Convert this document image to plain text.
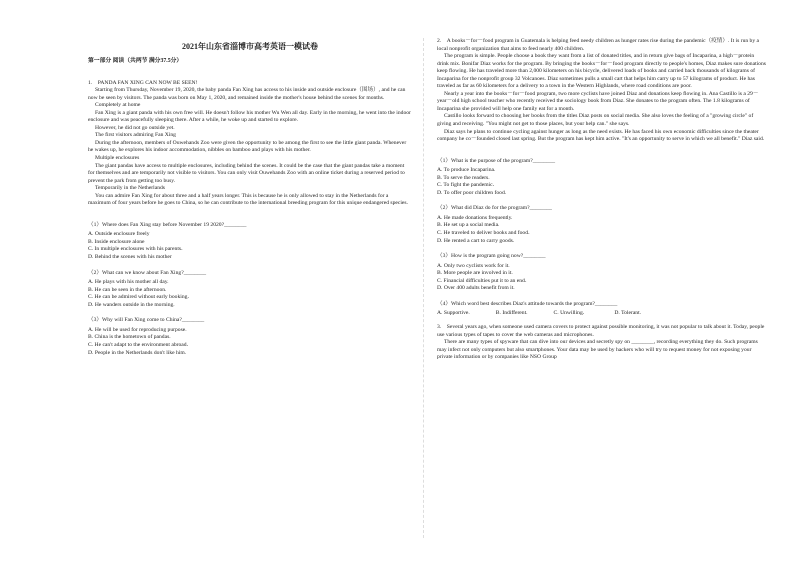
2021年山东省淄博市高考英语一模试卷
第一部分 阅读（共两节 满分37.5分）

1. PANDA FAN XING CAN NOW BE SEEN!

Starting from Thursday, November 19, 2020, the baby panda Fan Xing has access to his inside and outside enclosure（围场）, and he can now be seen by visitors. The panda was born on May 1, 2020, and remained inside the mother's house behind the scenes for months.

Completely at home

Fan Xing is a giant panda with his own free will. He doesn't follow his mother Wu Wen all day. Early in the morning, he went into the indoor enclosure and was peacefully sleeping there. After a while, he woke up and started to explore.

However, he did not go outside yet.

The first visitors admiring Fan Xing

During the afternoon, members of Ouwehands Zoo were given the opportunity to be among the first to see the little giant panda. Whenever he wakes up, he explores his indoor accommodation, nibbles on bamboo and plays with his mother.

Multiple enclosures

The giant pandas have access to multiple enclosures, including behind the scenes. It could be the case that the giant pandas take a moment for themselves and are temporarily not visible to visitors. You can only visit Ouwehands Zoo with an online ticket during a reserved period to prevent the park from getting too busy.

Temporarily in the Netherlands

You can admire Fan Xing for about three and a half years longer. This is because he is only allowed to stay in the Netherlands for a maximum of four years before he goes to China, so he can contribute to the international breeding program for this unique endangered species.

（1）Where does Fan Xing stay before November 19 2020?________

A. Outside enclosure freely

B. Inside enclosure alone

C. In multiple enclosures with his parents．

D. Behind the scenes with his mother

（2）What can we know about Fan Xing?________

A. He plays with his mother all day.

B. He can be seen in the afternoon.

C. He can be admired without early booking．

D. He wanders outside in the morning.

（3）Why will Fan Xing come to China?________

A. He will be used for reproducing purpose.

B. China is the hometown of pandas.

C. He can't adapt to the environment abroad．

D. People in the Netherlands don't like him.

2. A books－for－food program in Guatemala is helping feed needy children as hunger rates rise during the pandemic（疫情）. It is run by a local nonprofit organization that aims to feed nearly 400 children.

The program is simple. People choose a book they want from a list of donated titles, and in return give bags of Incaparina, a high－protein drink mix. Bonifar Diaz works for the program. By bringing the books－for－food program directly to people's homes, Diaz makes sure donations keep flowing. He has traveled more than 2,000 kilometers on his bicycle, delivered loads of books and carried back thousands of kilograms of Incaparina for the nonprofit group 32 Volcanoes. Diaz sometimes pulls a small cart that helps him carry up to 57 kilograms of product. He has traveled as far as 60 kilometers for a delivery to a town in the Western Highlands, where road conditions are poor.

Nearly a year into the books－for－food program, two more cyclists have joined Diaz and donations keep flowing in. Ana Castillo is a 29－year－old high school teacher who recently received the sociology book from Diaz. She donates to the program often. The 1.8 kilograms of Incaparina she provided will help one family eat for a month.

Castillo looks forward to choosing her books from the titles Diaz posts on social media. She also loves the feeling of a "growing circle" of giving and receiving. "You might not get to those places, but your help can." she says.

Diaz says he plans to continue cycling against hunger as long as the need exists. He has faced his own economic difficulties since the theater company he co－founded closed last spring. But the program has kept him active. "It's an opportunity to serve in which we all benefit." Diaz said.

（1）What is the purpose of the program?________

A. To produce Incaparina.

B. To serve the readers.

C. To fight the pandemic．

D. To offer poor children food.

（2）What did Diaz do for the program?________

A. He made donations frequently.

B. He set up a social media.

C. He traveled to deliver books and food．

D. He rented a cart to carry goods.

（3）How is the program going now?________

A. Only two cyclists work for it.

B. More people are involved in it.

C. Financial difficulties put it to an end．

D. Over 400 adults benefit from it.

（4）Which word best describes Diaz's attitude towards the program?________

A. Supportive.	B. Indifferent.	C. Unwilling．	D. Tolerant.

3. Several years ago, when someone used camera covers to protect against possible monitoring, it was not popular to talk about it. Today, people use various types of tapes to cover the web cameras and microphones.

There are many types of spyware that can dive into our devices and secretly spy on ________, recording everything they do. Such programs may infect not only computers but also smartphones. Your data may be used by hackers who will try to request money for not exposing your private information or by companies like NSO Group
